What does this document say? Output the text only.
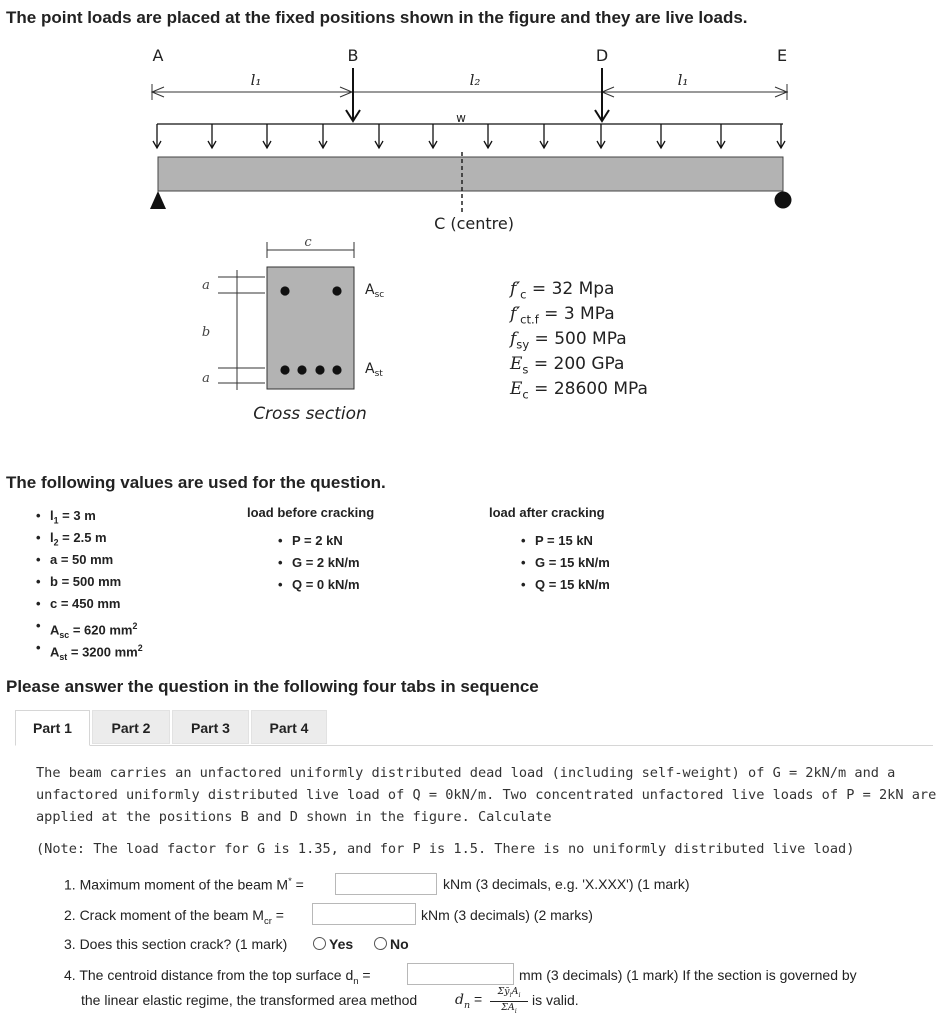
The point loads are placed at the fixed positions shown in the figure and they are live loads.
A	B	D	E
l₁	l₂	l₁
w
C (centre)
c
a
b
a
$A_{sc}$
$A_{st}$
Cross section
$f'_c = 32$ Mpa
$f'_{ct.f} = 3$ MPa
$f_{sy} = 500$ MPa
$E_s = 200$ GPa
$E_c = 28600$ MPa
The following values are used for the question.
• $l_1 = 3$ m
• $l_2 = 2.5$ m
• a = 50 mm
• b = 500 mm
• c = 450 mm
• $A_{sc} = 620$ $mm^2$
• $A_{st} = 3200$ $mm^2$
load before cracking
• P = 2 kN
• G = 2 kN/m
• Q = 0 kN/m
load after cracking
• P = 15 kN
• G = 15 kN/m
• Q = 15 kN/m
Please answer the question in the following four tabs in sequence
Part 1	Part 2	Part 3	Part 4
The beam carries an unfactored uniformly distributed dead load (including self-weight) of G = 2kN/m and a
unfactored uniformly distributed live load of Q = 0kN/m. Two concentrated unfactored live loads of P = 2kN are
applied at the positions B and D shown in the figure. Calculate
(Note: The load factor for G is 1.35, and for P is 1.5. There is no uniformly distributed live load)
1. Maximum moment of the beam M* =	kNm (3 decimals, e.g. 'X.XXX') (1 mark)
2. Crack moment of the beam $M_{cr}$ =	kNm (3 decimals) (2 marks)
3. Does this section crack? (1 mark)	Yes	No
4. The centroid distance from the top surface $d_n$ =	mm (3 decimals) (1 mark) If the section is governed by
the linear elastic regime, the transformed area method	$d_n$ =	$\Sigma ȳ_iA_i$
$\Sigma A_i$
is valid.
